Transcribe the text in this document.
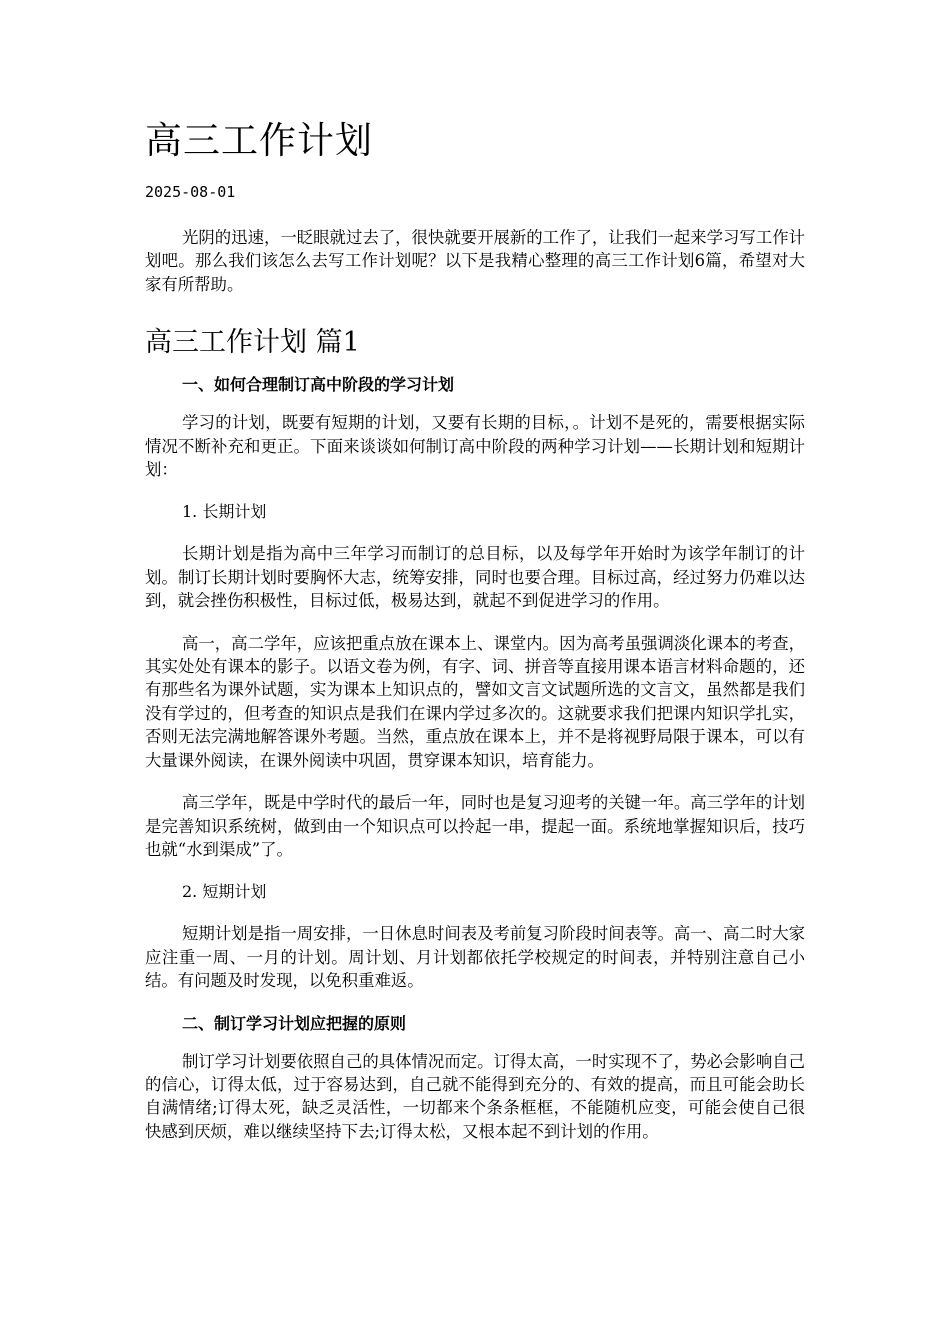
高三工作计划
2025-08-01

光阴的迅速，一眨眼就过去了，很快就要开展新的工作了，让我们一起来学习写工作计划吧。那么我们该怎么去写工作计划呢？以下是我精心整理的高三工作计划6篇，希望对大家有所帮助。

高三工作计划 篇1
一、如何合理制订高中阶段的学习计划

学习的计划，既要有短期的计划，又要有长期的目标，。计划不是死的，需要根据实际情况不断补充和更正。下面来谈谈如何制订高中阶段的两种学习计划——长期计划和短期计划：

1. 长期计划

长期计划是指为高中三年学习而制订的总目标，以及每学年开始时为该学年制订的计划。制订长期计划时要胸怀大志，统筹安排，同时也要合理。目标过高，经过努力仍难以达到，就会挫伤积极性，目标过低，极易达到，就起不到促进学习的作用。

高一，高二学年，应该把重点放在课本上、课堂内。因为高考虽强调淡化课本的考查，其实处处有课本的影子。以语文卷为例，有字、词、拼音等直接用课本语言材料命题的，还有那些名为课外试题，实为课本上知识点的，譬如文言文试题所选的文言文，虽然都是我们没有学过的，但考查的知识点是我们在课内学过多次的。这就要求我们把课内知识学扎实，否则无法完满地解答课外考题。当然，重点放在课本上，并不是将视野局限于课本，可以有大量课外阅读，在课外阅读中巩固，贯穿课本知识，培育能力。

高三学年，既是中学时代的最后一年，同时也是复习迎考的关键一年。高三学年的计划是完善知识系统树，做到由一个知识点可以拎起一串，提起一面。系统地掌握知识后，技巧也就“水到渠成”了。

2. 短期计划

短期计划是指一周安排，一日休息时间表及考前复习阶段时间表等。高一、高二时大家应注重一周、一月的计划。周计划、月计划都依托学校规定的时间表，并特别注意自己小结。有问题及时发现，以免积重难返。

二、制订学习计划应把握的原则

制订学习计划要依照自己的具体情况而定。订得太高，一时实现不了，势必会影响自己的信心，订得太低，过于容易达到，自己就不能得到充分的、有效的提高，而且可能会助长自满情绪;订得太死，缺乏灵活性，一切都来个条条框框，不能随机应变，可能会使自己很快感到厌烦，难以继续坚持下去;订得太松，又根本起不到计划的作用。
